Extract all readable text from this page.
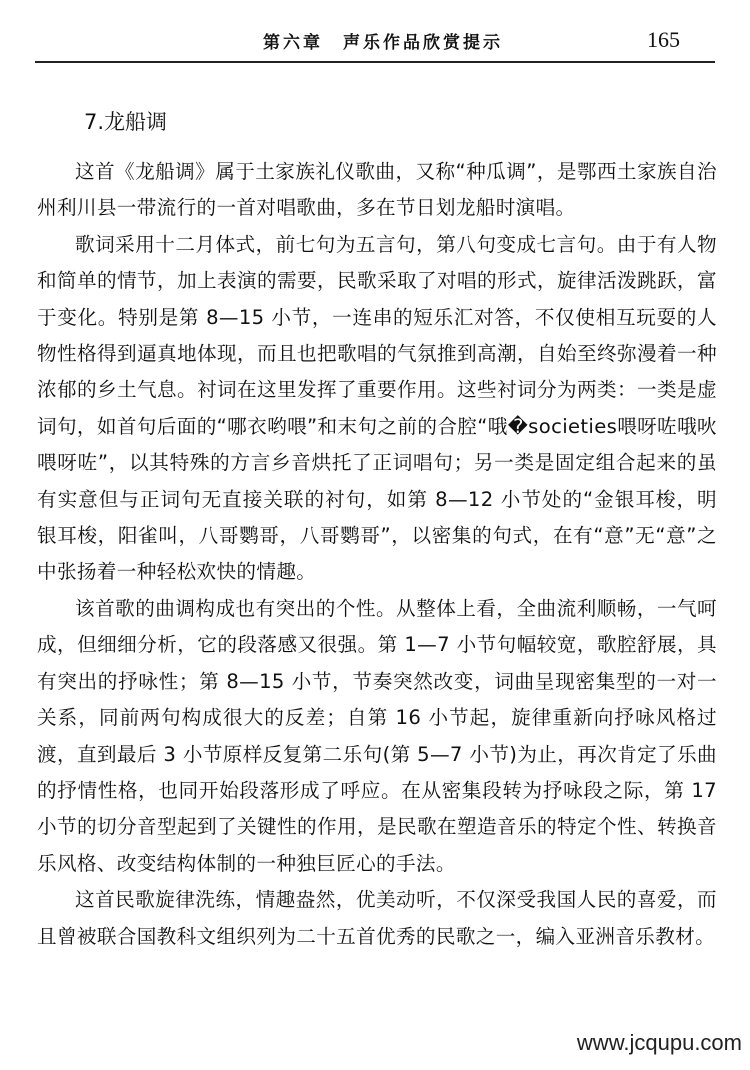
第六章 声乐作品欣赏提示	165
7.龙船调

这首《龙船调》属于土家族礼仪歌曲，又称“种瓜调”，是鄂西土家族自治州利川县一带流行的一首对唱歌曲，多在节日划龙船时演唱。

歌词采用十二月体式，前七句为五言句，第八句变成七言句。由于有人物和简单的情节，加上表演的需要，民歌采取了对唱的形式，旋律活泼跳跃，富于变化。特别是第 8—15 小节，一连串的短乐汇对答，不仅使相互玩耍的人物性格得到逼真地体现，而且也把歌唱的气氛推到高潮，自始至终弥漫着一种浓郁的乡土气息。衬词在这里发挥了重要作用。这些衬词分为两类：一类是虚词句，如首句后面的“哪衣哟喂”和末句之前的合腔“哦�societies喂呀咗哦吙喂呀咗”，以其特殊的方言乡音烘托了正词唱句；另一类是固定组合起来的虽有实意但与正词句无直接关联的衬句，如第 8—12 小节处的“金银耳梭，明银耳梭，阳雀叫，八哥鹦哥，八哥鹦哥”，以密集的句式，在有“意”无“意”之中张扬着一种轻松欢快的情趣。

该首歌的曲调构成也有突出的个性。从整体上看，全曲流利顺畅，一气呵成，但细细分析，它的段落感又很强。第 1—7 小节句幅较宽，歌腔舒展，具有突出的抒咏性；第 8—15 小节，节奏突然改变，词曲呈现密集型的一对一关系，同前两句构成很大的反差；自第 16 小节起，旋律重新向抒咏风格过渡，直到最后 3 小节原样反复第二乐句(第 5—7 小节)为止，再次肯定了乐曲的抒情性格，也同开始段落形成了呼应。在从密集段转为抒咏段之际，第 17 小节的切分音型起到了关键性的作用，是民歌在塑造音乐的特定个性、转换音乐风格、改变结构体制的一种独巨匠心的手法。

这首民歌旋律洗练，情趣盎然，优美动听，不仅深受我国人民的喜爱，而且曾被联合国教科文组织列为二十五首优秀的民歌之一，编入亚洲音乐教材。

www.jcqupu.com
